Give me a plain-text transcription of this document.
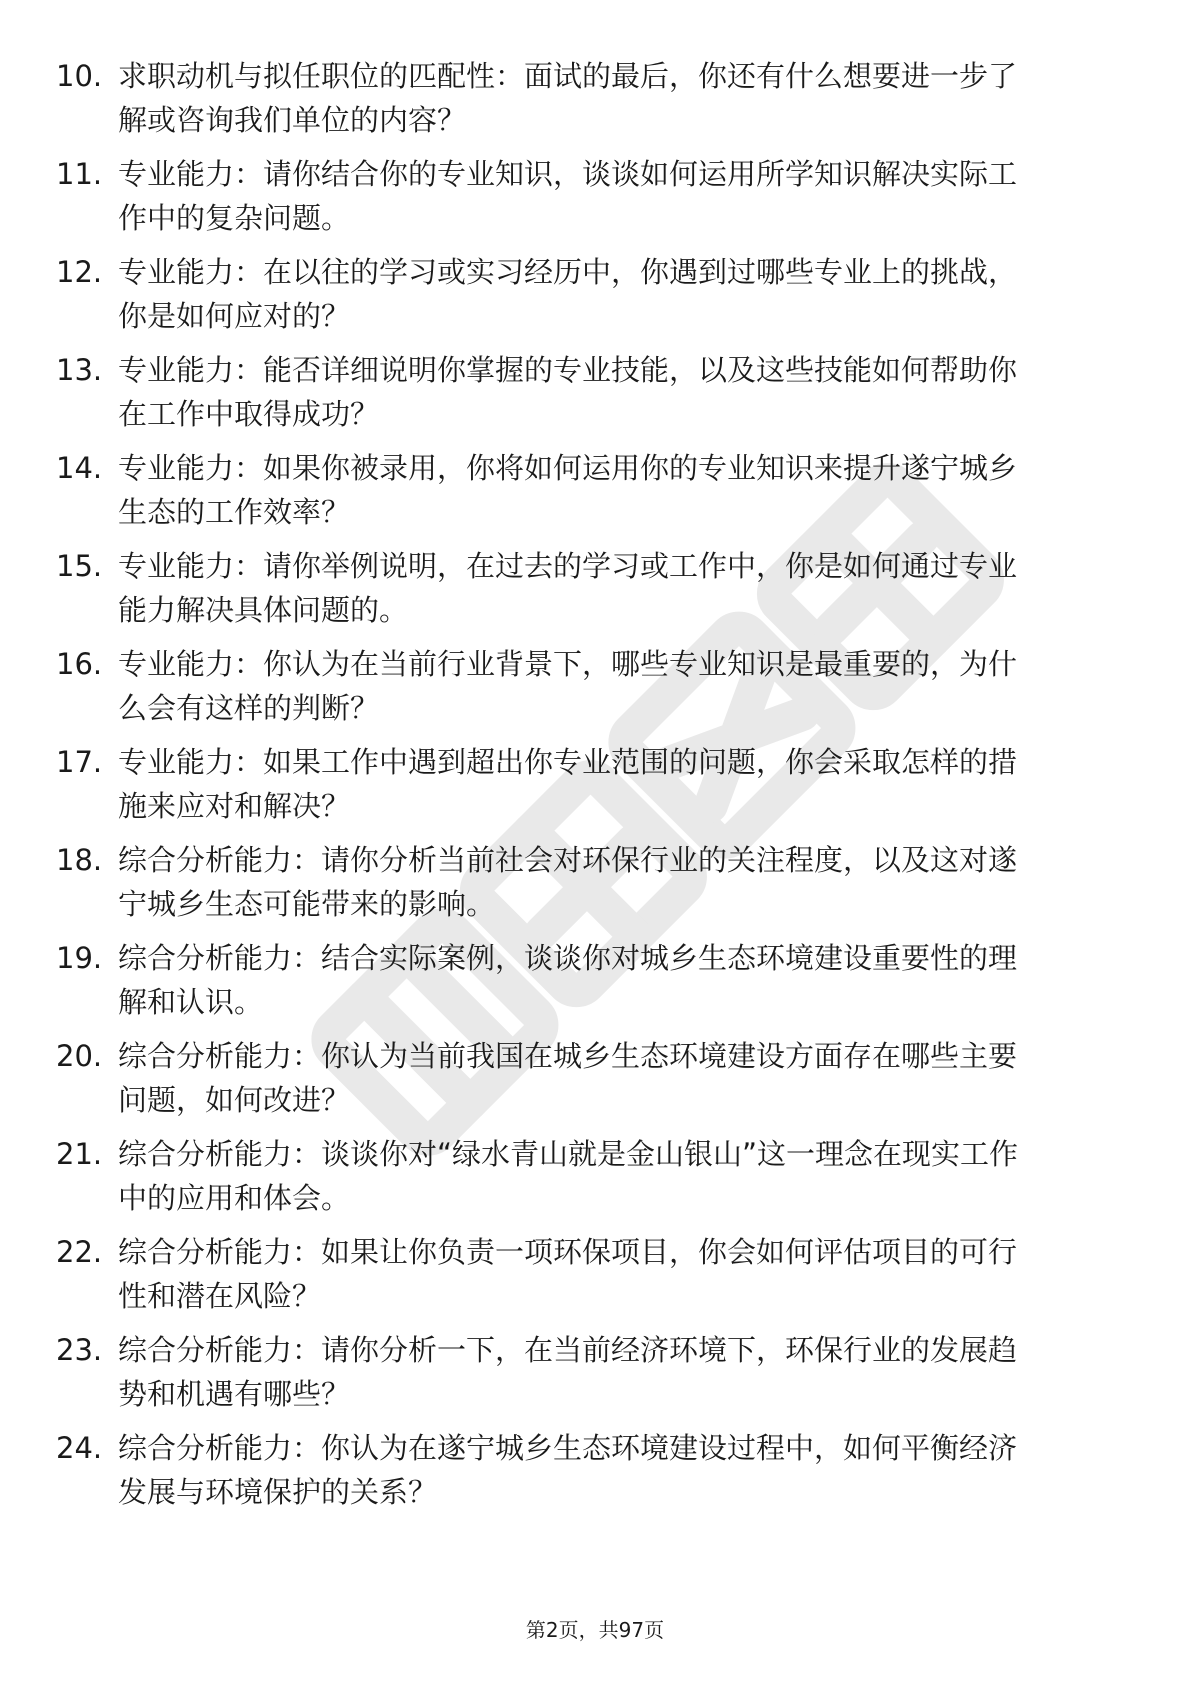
10. 求职动机与拟任职位的匹配性：面试的最后，你还有什么想要进一步了解或咨询我们单位的内容？
11. 专业能力：请你结合你的专业知识，谈谈如何运用所学知识解决实际工作中的复杂问题。
12. 专业能力：在以往的学习或实习经历中，你遇到过哪些专业上的挑战，你是如何应对的？
13. 专业能力：能否详细说明你掌握的专业技能，以及这些技能如何帮助你在工作中取得成功？
14. 专业能力：如果你被录用，你将如何运用你的专业知识来提升遂宁城乡生态的工作效率？
15. 专业能力：请你举例说明，在过去的学习或工作中，你是如何通过专业能力解决具体问题的。
16. 专业能力：你认为在当前行业背景下，哪些专业知识是最重要的，为什么会有这样的判断？
17. 专业能力：如果工作中遇到超出你专业范围的问题，你会采取怎样的措施来应对和解决？
18. 综合分析能力：请你分析当前社会对环保行业的关注程度，以及这对遂宁城乡生态可能带来的影响。
19. 综合分析能力：结合实际案例，谈谈你对城乡生态环境建设重要性的理解和认识。
20. 综合分析能力：你认为当前我国在城乡生态环境建设方面存在哪些主要问题，如何改进？
21. 综合分析能力：谈谈你对“绿水青山就是金山银山”这一理念在现实工作中的应用和体会。
22. 综合分析能力：如果让你负责一项环保项目，你会如何评估项目的可行性和潜在风险？
23. 综合分析能力：请你分析一下，在当前经济环境下，环保行业的发展趋势和机遇有哪些？
24. 综合分析能力：你认为在遂宁城乡生态环境建设过程中，如何平衡经济发展与环境保护的关系？
第2页，共97页
